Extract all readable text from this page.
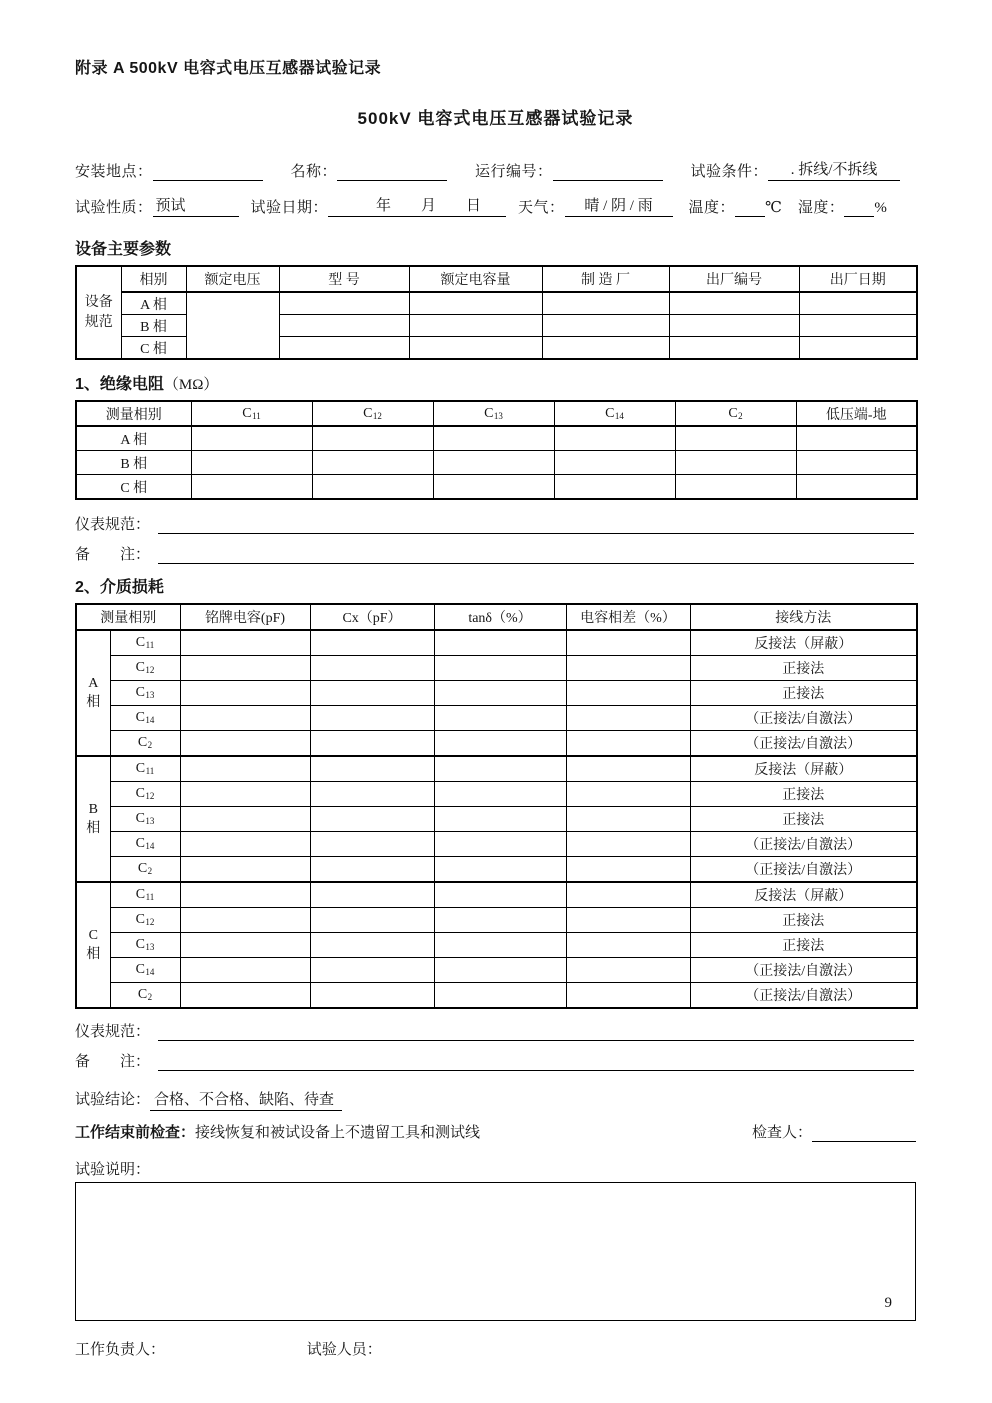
附录 A 500kV 电容式电压互感器试验记录
500kV 电容式电压互感器试验记录
安装地点：	名称：	运行编号：	试验条件：	. 拆线/不拆线
试验性质： 预试	试验日期： 　　　年　　月　　日	天气：	晴 / 阴 / 雨	温度： ℃ 湿度： %
设备主要参数
设备规范	相别	额定电压	型 号	额定电容量	制 造 厂	出厂编号	出厂日期
	A 相						
	B 相						
	C 相						
1、绝缘电阻（MΩ）
测量相别	$C_{11}$	$C_{12}$	$C_{13}$	$C_{14}$	$C_2$	低压端-地
A 相						
B 相						
C 相						
仪表规范：
备　　注：
2、介质损耗
测量相别		铭牌电容(pF)	Cx（pF）	tanδ（%）	电容相差（%）	接线方法

A
相	$C_{11}$					反接法（屏蔽）
	$C_{12}$					正接法
	$C_{13}$					正接法
	$C_{14}$					（正接法/自激法）
	$C_2$					（正接法/自激法）

B
相	$C_{11}$					反接法（屏蔽）
	$C_{12}$					正接法
	$C_{13}$					正接法
	$C_{14}$					（正接法/自激法）
	$C_2$					（正接法/自激法）

C
相	$C_{11}$					反接法（屏蔽）
	$C_{12}$					正接法
	$C_{13}$					正接法
	$C_{14}$					（正接法/自激法）
	$C_2$					（正接法/自激法）
仪表规范：
备　　注：
试验结论： 合格、不合格、缺陷、待查
工作结束前检查： 接线恢复和被试设备上不遗留工具和测试线	检查人：
试验说明：
工作负责人：	试验人员：
9
